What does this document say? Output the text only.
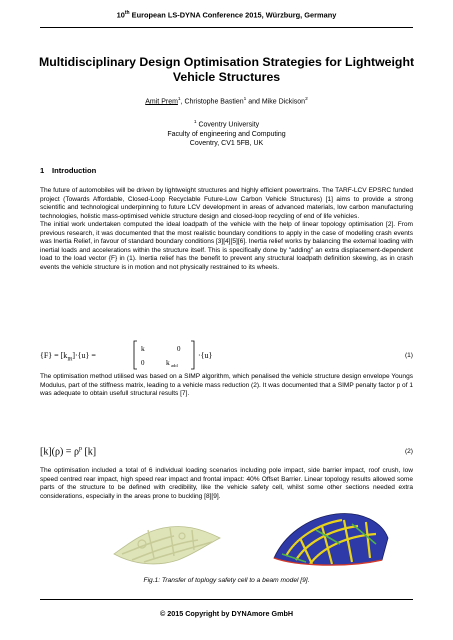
10th European LS-DYNA Conference 2015, Würzburg, Germany
Multidisciplinary Design Optimisation Strategies for Lightweight Vehicle Structures
Amit Prem$^1$, Christophe Bastien$^1$ and Mike Dickison$^2$
$^1$ Coventry University
Faculty of engineering and Computing
Coventry, CV1 5FB, UK
1 Introduction
The future of automobiles will be driven by lightweight structures and highly efficient powertrains. The TARF-LCV EPSRC funded project (Towards Affordable, Closed-Loop Recyclable Future-Low Carbon Vehicle Structures) [1] aims to provide a strong scientific and technological underpinning to future LCV development in areas of advanced materials, low carbon manufacturing technologies, holistic mass-optimised vehicle structure design and closed-loop recycling of end of life vehicles.
The initial work undertaken computed the ideal loadpath of the vehicle with the help of linear topology optimisation [2]. From previous research, it was documented that the most realistic boundary conditions to apply in the case of modelling crash events was Inertia Relief, in favour of standard boundary conditions [3][4][5][6]. Inertia relief works by balancing the external loading with inertial loads and accelerations within the structure itself. This is specifically done by "adding" an extra displacement-dependent load to the load vector {F} in (1). Inertia relief has the benefit to prevent any structural loadpath definition skewing, as in crash events the vehicle structure is in motion and not physically restrained to its wheels.
$\{F\} = [k_{IR}]\cdot\{u\}$ =
k	0
0	k add
·{u}	(1)
The optimisation method utilised was based on a SIMP algorithm, which penalised the vehicle structure design envelope Youngs Modulus, part of the stiffness matrix, leading to a vehicle mass reduction (2). It was documented that a SIMP penalty factor p of 1 was adequate to obtain usefull structural results [7].
$[k](\rho) = \rho^p$ [k]	(2)
The optimisation included a total of 6 individual loading scenarios including pole impact, side barrier impact, roof crush, low speed centred rear impact, high speed rear impact and frontal impact: 40% Offset Barrier. Linear topology results allowed some parts of the structure to be defined with credibility, like the vehicle safety cell, whilst some other sections needed extra considerations, especially in the areas prone to buckling [8][9].
Fig.1: Transfer of toplogy safety cell to a beam model [9].
© 2015 Copyright by DYNAmore GmbH
